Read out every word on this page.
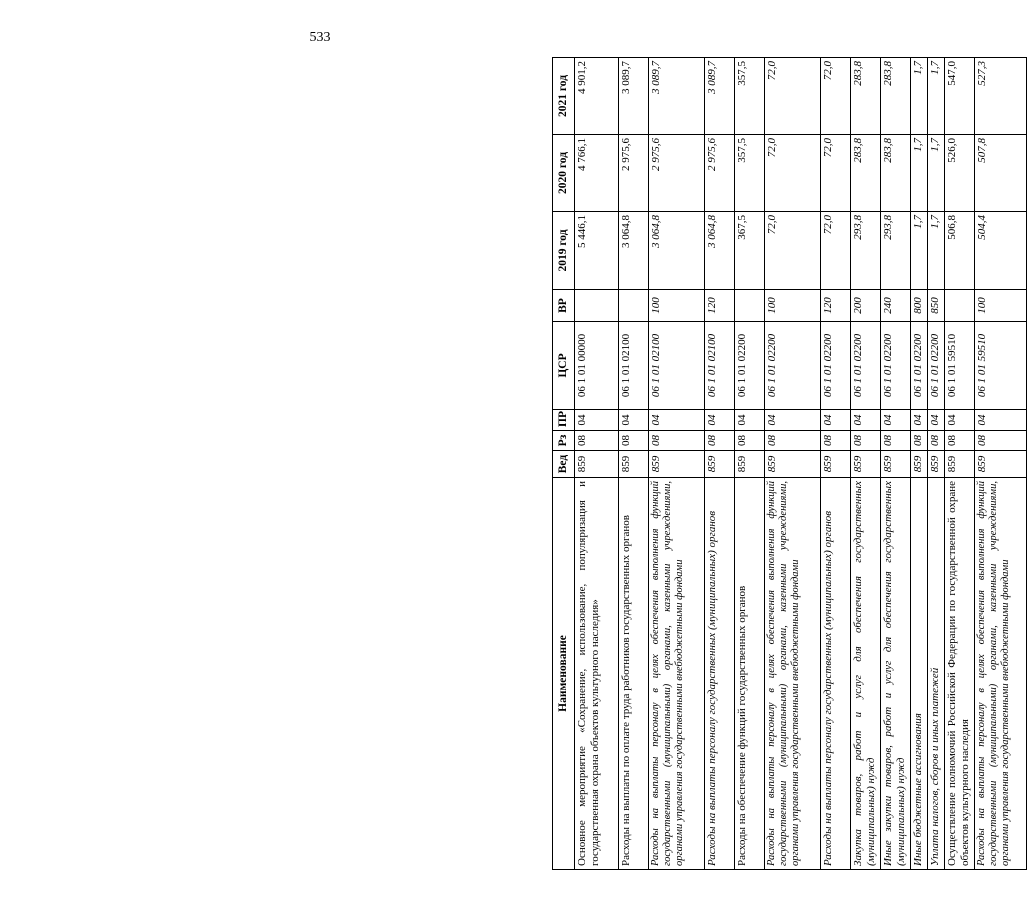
533
Наименование	Вед	Рз	ПР	ЦСР	ВР	2019 год	2020 год	2021 год
Основное мероприятие «Сохранение, использование, популяризация и государственная охрана объектов культурного наследия»	859	08	04	06 1 01 00000		5 446,1	4 766,1	4 901,2
Расходы на выплаты по оплате труда работников государственных органов	859	08	04	06 1 01 02100		3 064,8	2 975,6	3 089,7
Расходы на выплаты персоналу в целях обеспечения выполнения функций государственными (муниципальными) органами, казенными учреждениями, органами управления государственными внебюджетными фондами	859	08	04	06 1 01 02100	100	3 064,8	2 975,6	3 089,7
Расходы на выплаты персоналу государственных (муниципальных) органов	859	08	04	06 1 01 02100	120	3 064,8	2 975,6	3 089,7
Расходы на обеспечение функций государственных органов	859	08	04	06 1 01 02200		367,5	357,5	357,5
Расходы на выплаты персоналу в целях обеспечения выполнения функций государственными (муниципальными) органами, казенными учреждениями, органами управления государственными внебюджетными фондами	859	08	04	06 1 01 02200	100	72,0	72,0	72,0
Расходы на выплаты персоналу государственных (муниципальных) органов	859	08	04	06 1 01 02200	120	72,0	72,0	72,0
Закупка товаров, работ и услуг для обеспечения государственных (муниципальных) нужд	859	08	04	06 1 01 02200	200	293,8	283,8	283,8
Иные закупки товаров, работ и услуг для обеспечения государственных (муниципальных) нужд	859	08	04	06 1 01 02200	240	293,8	283,8	283,8
Иные бюджетные ассигнования	859	08	04	06 1 01 02200	800	1,7	1,7	1,7
Уплата налогов, сборов и иных платежей	859	08	04	06 1 01 02200	850	1,7	1,7	1,7
Осуществление полномочий Российской Федерации по государственной охране объектов культурного наследия	859	08	04	06 1 01 59510		506,8	526,0	547,0
Расходы на выплаты персоналу в целях обеспечения выполнения функций государственными (муниципальными) органами, казенными учреждениями, органами управления государственными внебюджетными фондами	859	08	04	06 1 01 59510	100	504,4	507,8	527,3
